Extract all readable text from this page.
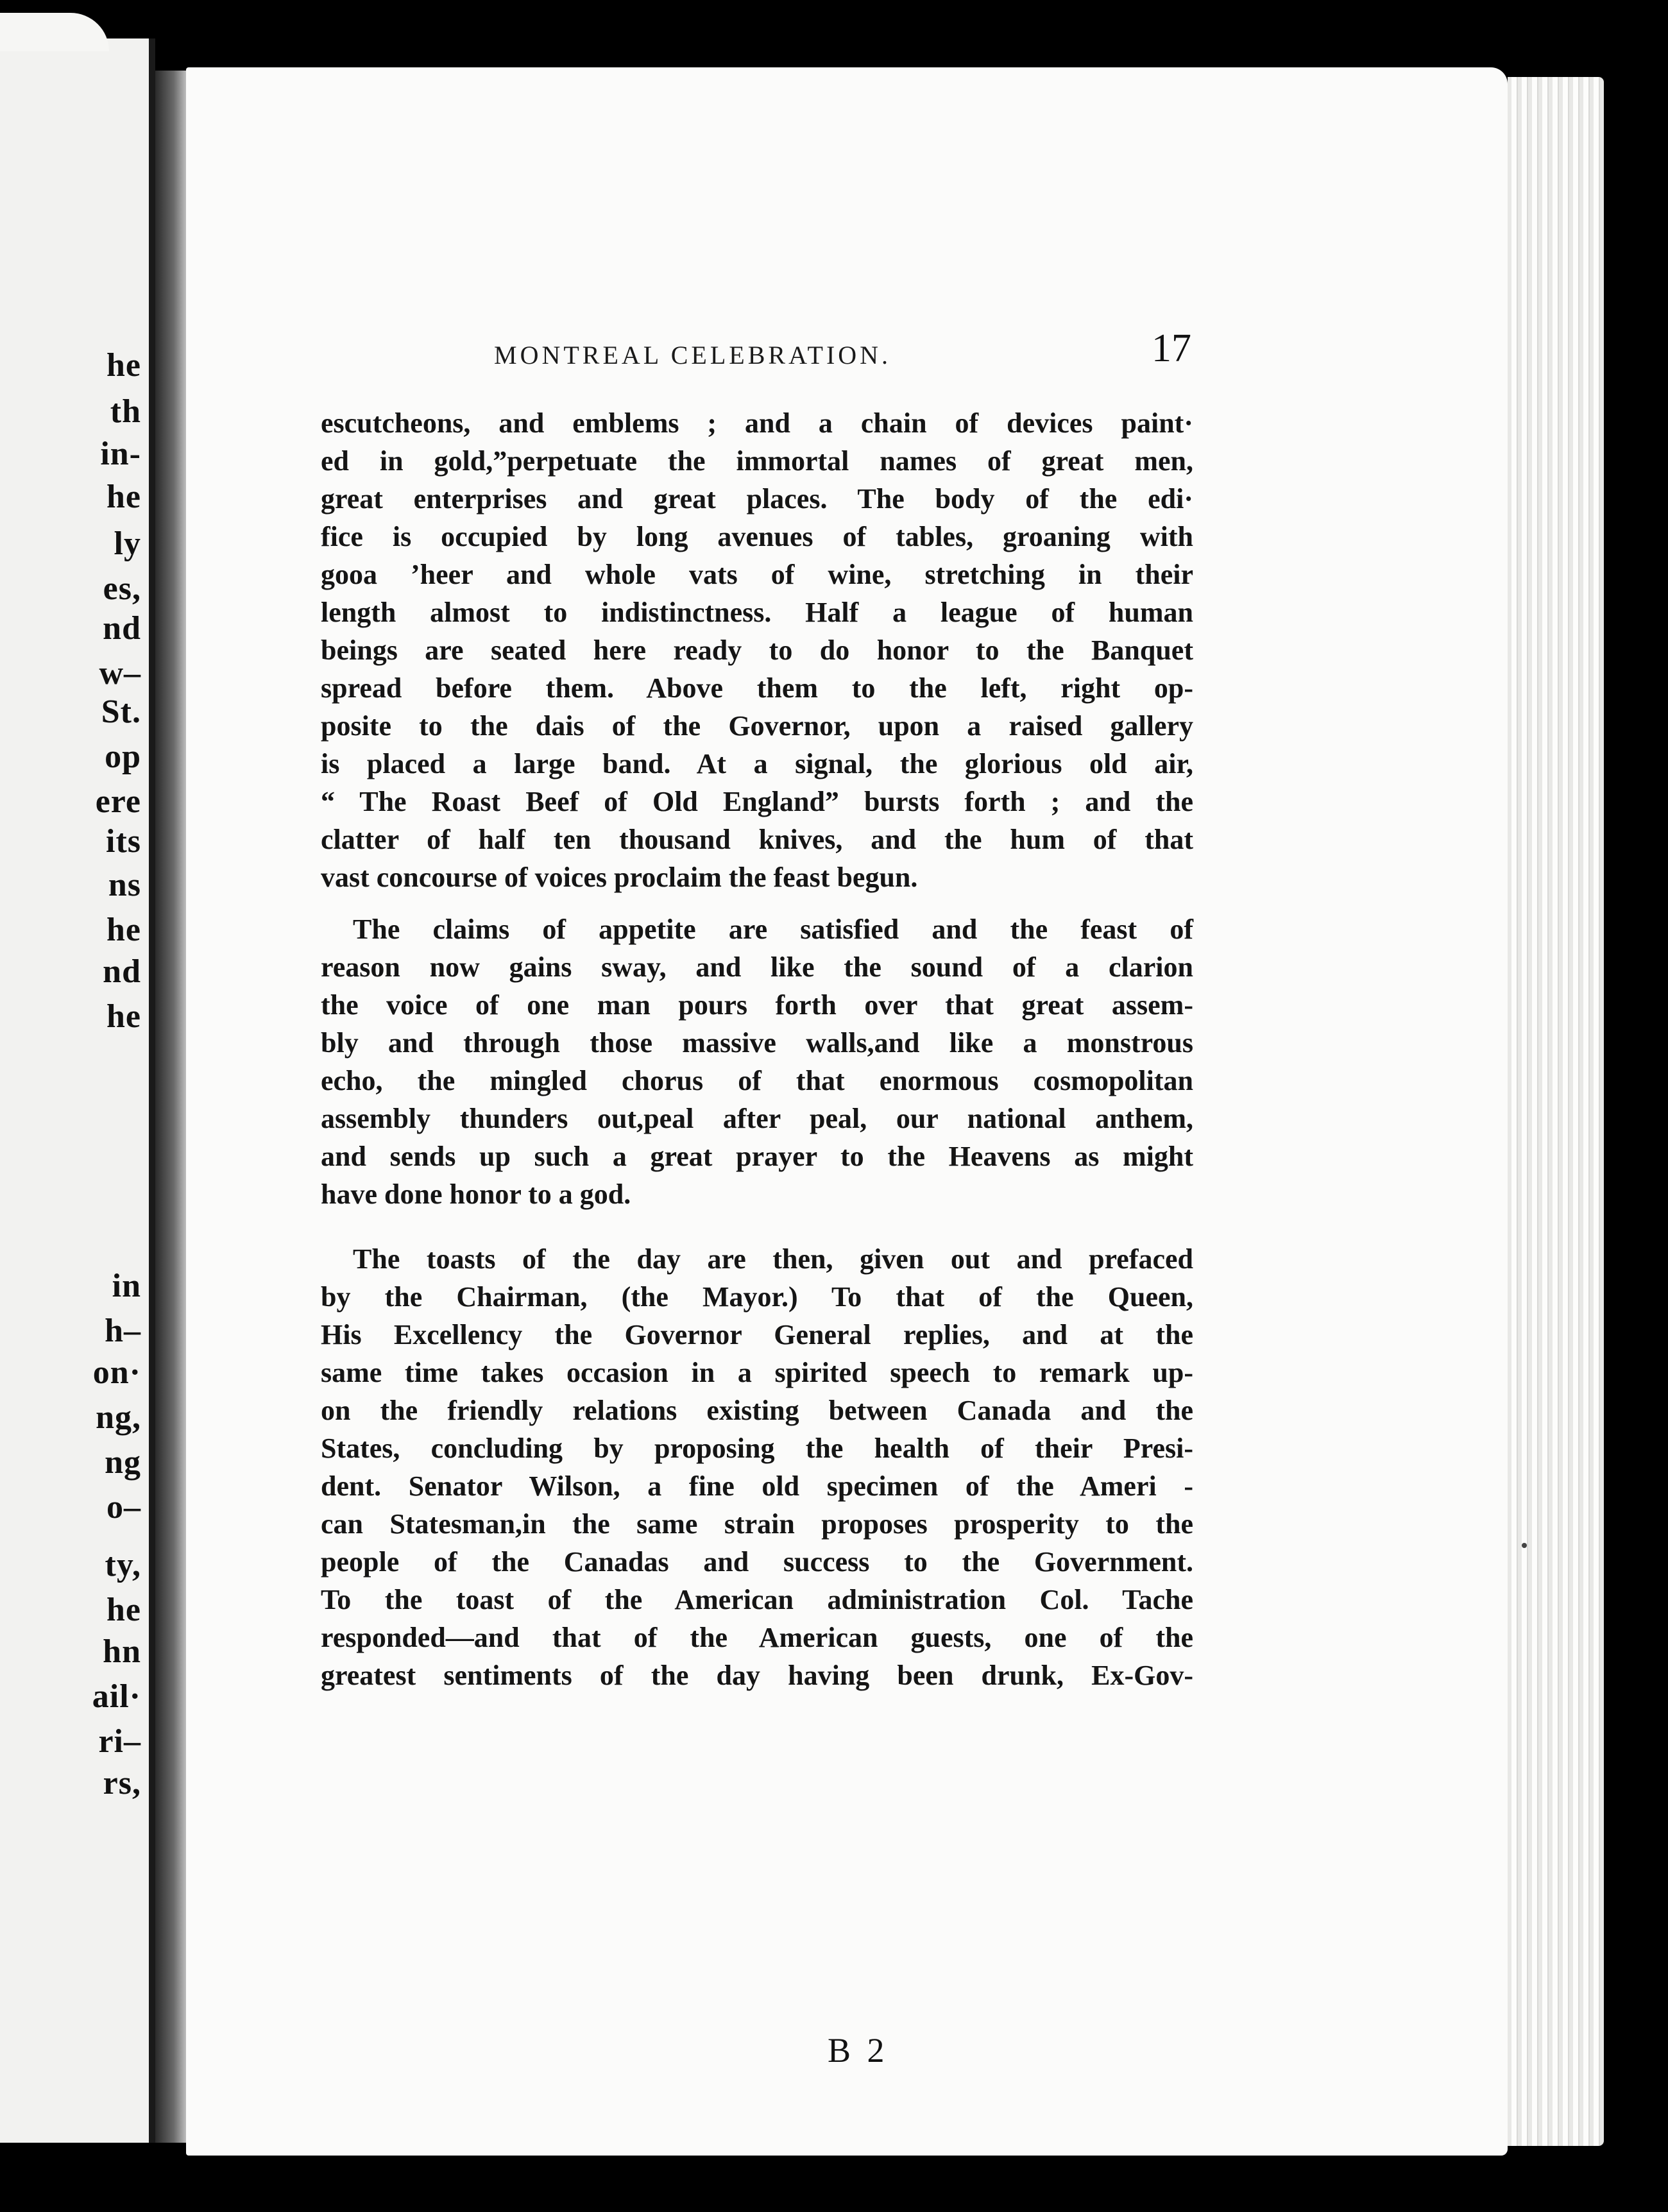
he
th
in-
he
ly
es,
nd
w–
St.
op
ere
its
ns
he
nd
he
in
h–
on·
ng,
ng
o–
ty,
he
hn
ail·
ri–
rs,
MONTREAL CELEBRATION.	17
escutcheons, and emblems ; and a chain of devices paint·
ed in gold,”perpetuate the immortal names of great men,
great enterprises and great places. The body of the edi·
fice is occupied by long avenues of tables, groaning with
gooa ’heer and whole vats of wine, stretching in their
length almost to indistinctness. Half a league of human
beings are seated here ready to do honor to the Banquet
spread before them. Above them to the left, right op-
posite to the dais of the Governor, upon a raised gallery
is placed a large band. At a signal, the glorious old air,
“ The Roast Beef of Old England” bursts forth ; and the
clatter of half ten thousand knives, and the hum of that
vast concourse of voices proclaim the feast begun.
The claims of appetite are satisfied and the feast of
reason now gains sway, and like the sound of a clarion
the voice of one man pours forth over that great assem-
bly and through those massive walls,and like a monstrous
echo, the mingled chorus of that enormous cosmopolitan
assembly thunders out,peal after peal, our national anthem,
and sends up such a great prayer to the Heavens as might
have done honor to a god.
The toasts of the day are then, given out and prefaced
by the Chairman, (the Mayor.) To that of the Queen,
His Excellency the Governor General replies, and at the
same time takes occasion in a spirited speech to remark up-
on the friendly relations existing between Canada and the
States, concluding by proposing the health of their Presi-
dent. Senator Wilson, a fine old specimen of the Ameri -
can Statesman,in the same strain proposes prosperity to the
people of the Canadas and success to the Government.
To the toast of the American administration Col. Tache
responded—and that of the American guests, one of the
greatest sentiments of the day having been drunk, Ex-Gov-
B 2
